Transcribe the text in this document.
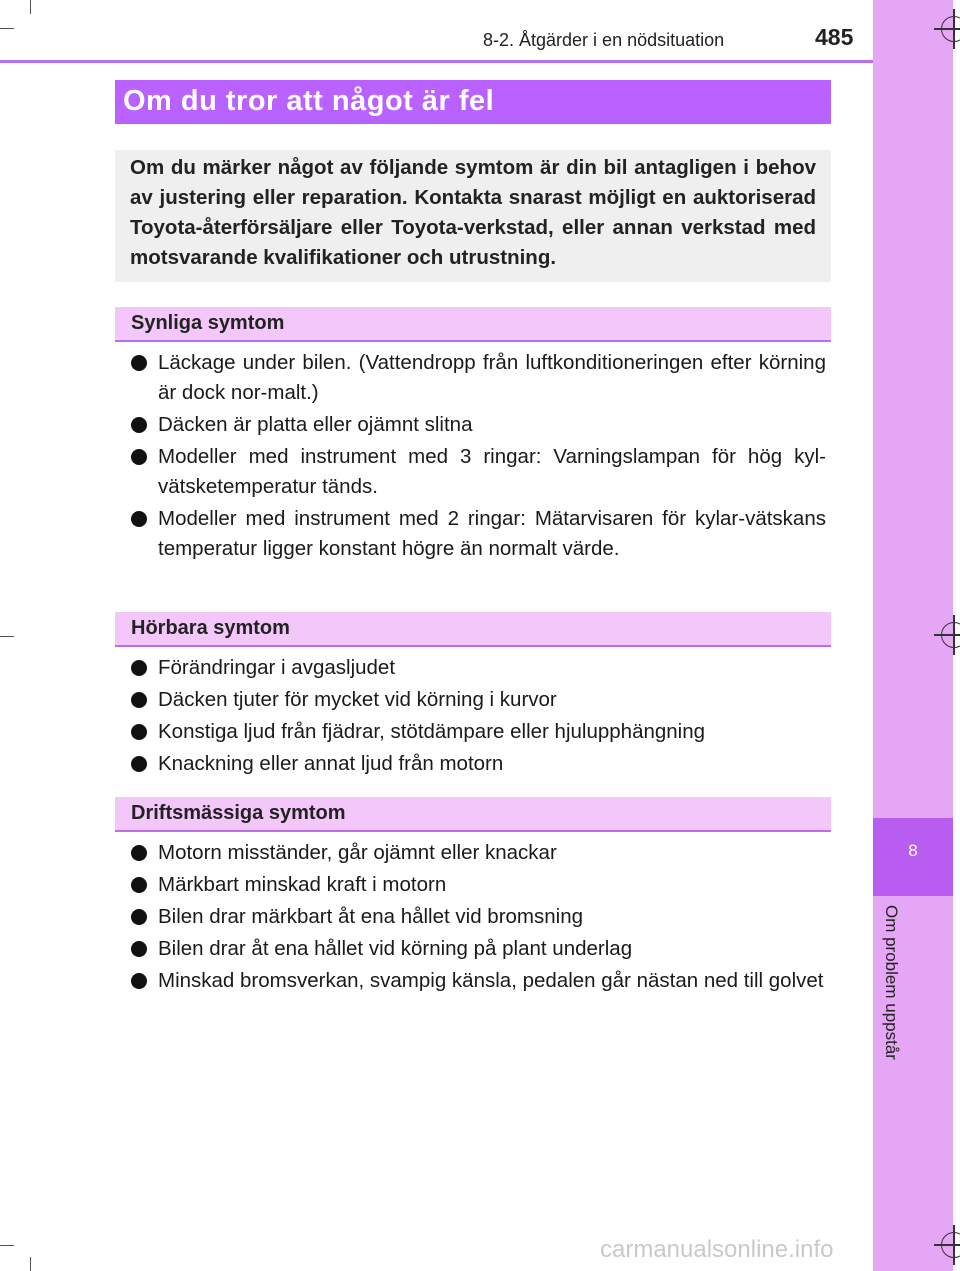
8
Om problem uppstår
8-2. Åtgärder i en nödsituation	485
Om du tror att något är fel

Om du märker något av följande symtom är din bil antagligen i behov av justering eller reparation. Kontakta snarast möjligt en auktoriserad Toyota-återförsäljare eller Toyota-verkstad, eller annan verkstad med motsvarande kvalifikationer och utrustning.

Synliga symtom
Läckage under bilen. (Vattendropp från luftkonditioneringen efter körning är dock nor-malt.)
Däcken är platta eller ojämnt slitna
Modeller med instrument med 3 ringar: Varningslampan för hög kyl-vätsketemperatur tänds.
Modeller med instrument med 2 ringar: Mätarvisaren för kylar-vätskans temperatur ligger konstant högre än normalt värde.
Hörbara symtom
Förändringar i avgasljudet
Däcken tjuter för mycket vid körning i kurvor
Konstiga ljud från fjädrar, stötdämpare eller hjulupphängning
Knackning eller annat ljud från motorn
Driftsmässiga symtom
Motorn misständer, går ojämnt eller knackar
Märkbart minskad kraft i motorn
Bilen drar märkbart åt ena hållet vid bromsning
Bilen drar åt ena hållet vid körning på plant underlag
Minskad bromsverkan, svampig känsla, pedalen går nästan ned till golvet
carmanualsonline.info
